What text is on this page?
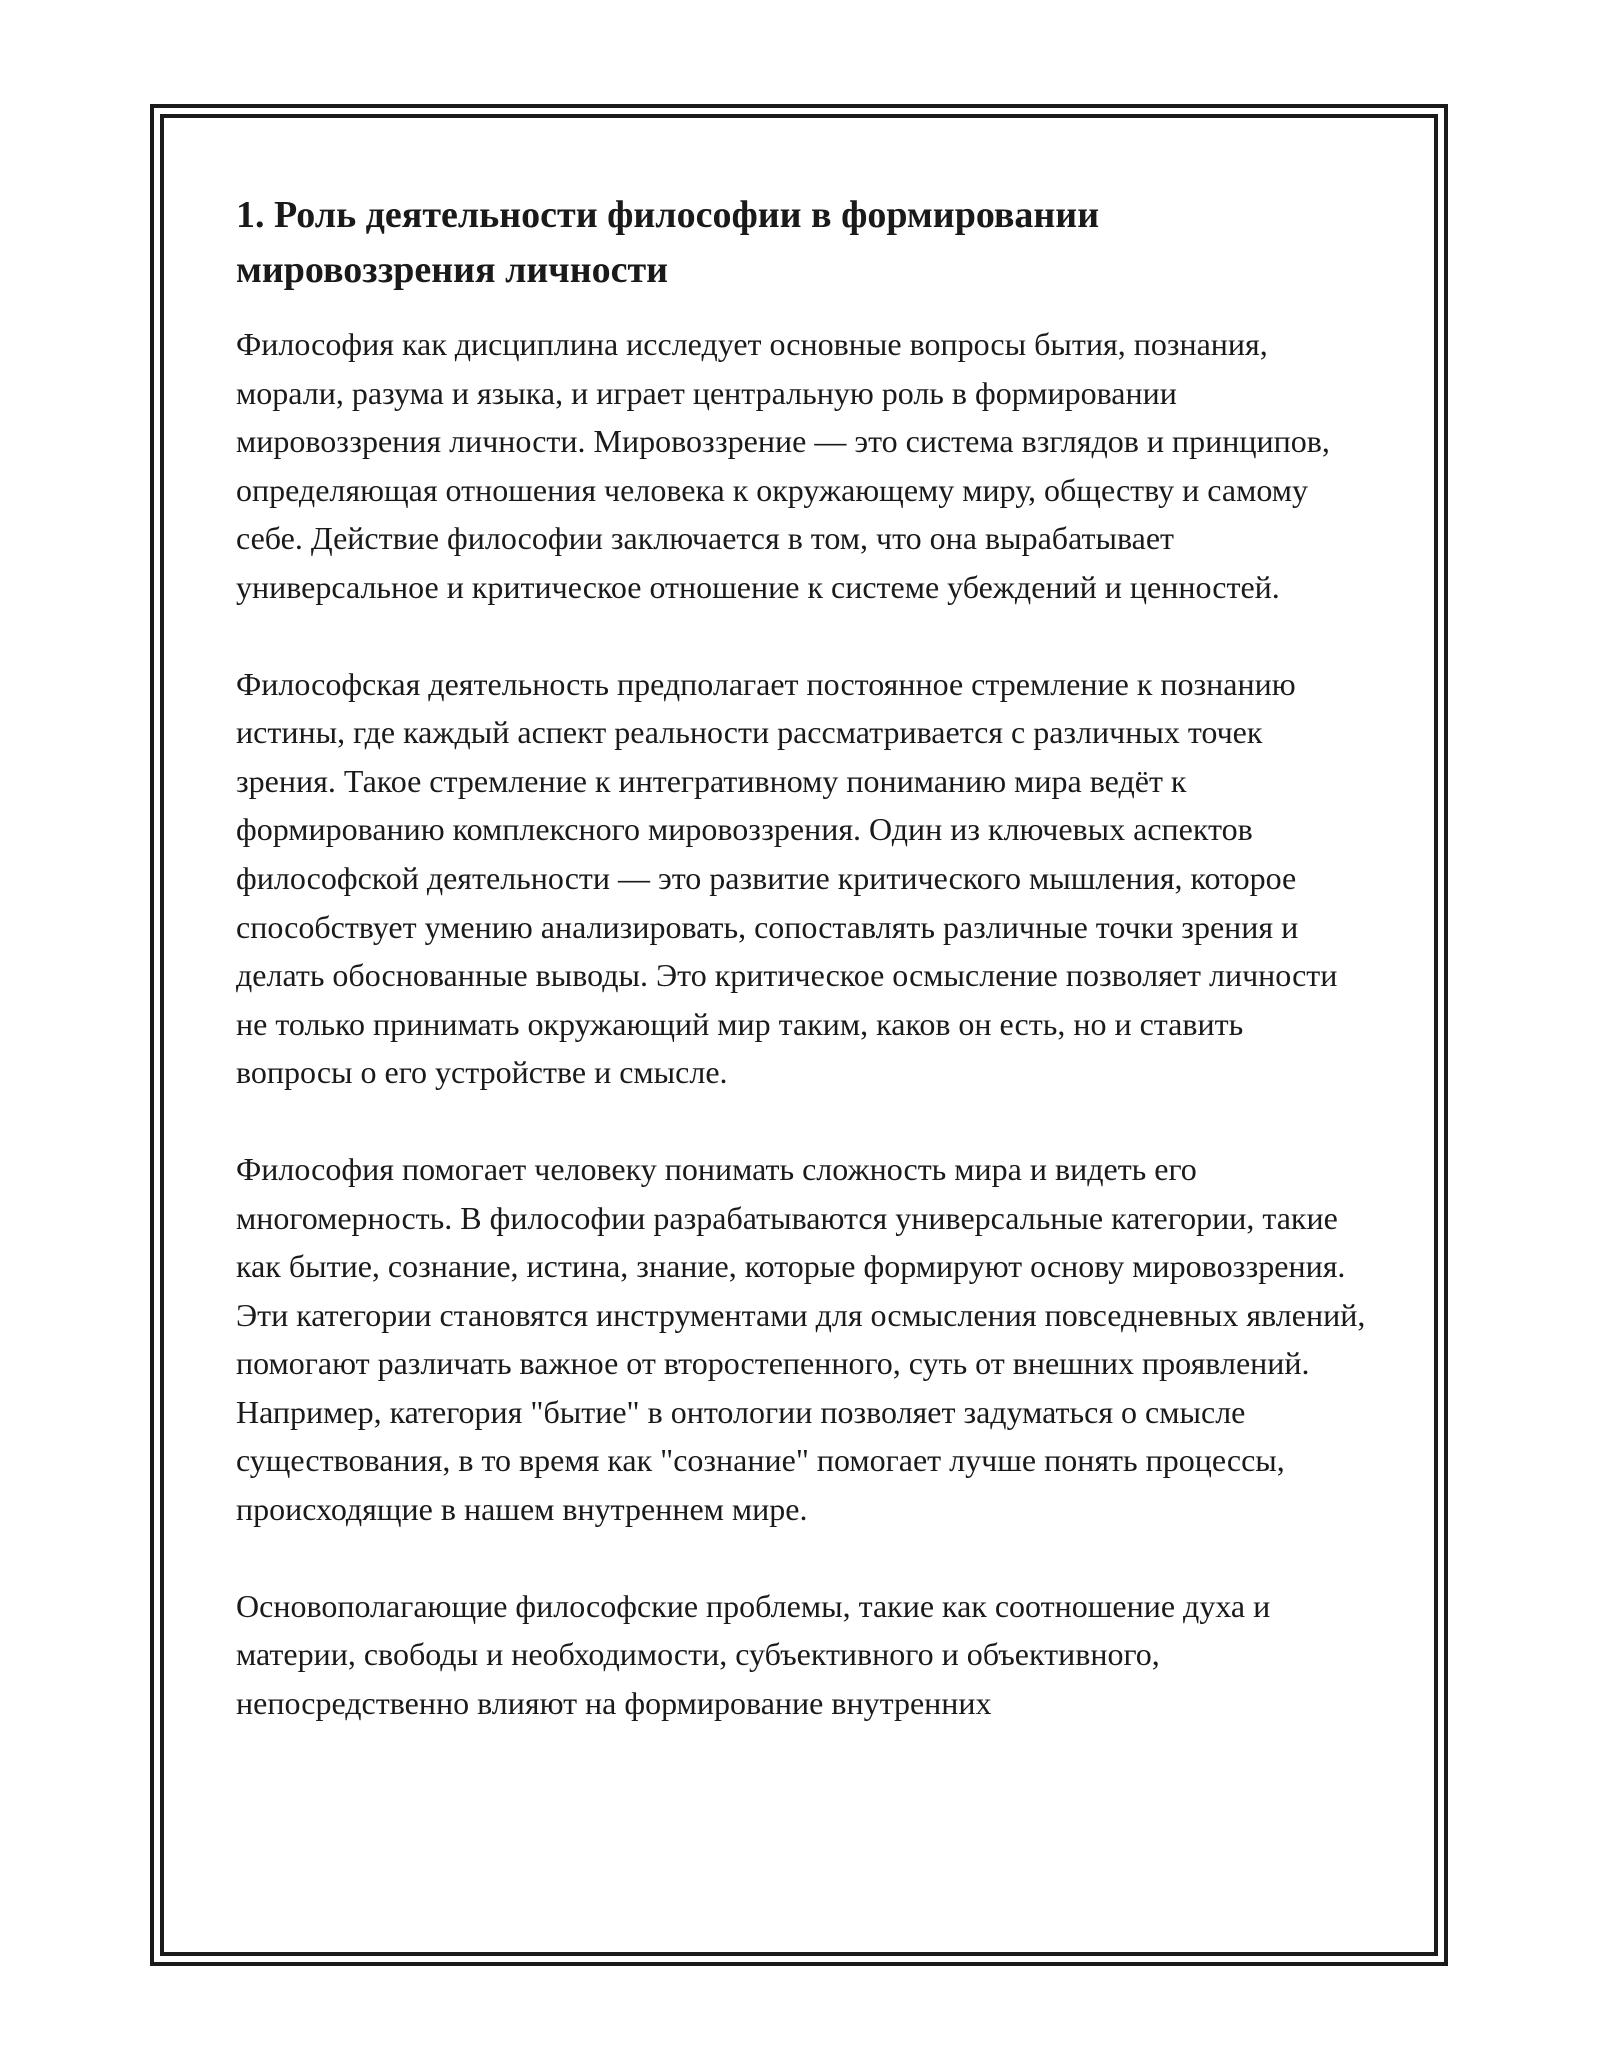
1. Роль деятельности философии в формировании мировоззрения личности

Философия как дисциплина исследует основные вопросы бытия, познания, морали, разума и языка, и играет центральную роль в формировании мировоззрения личности. Мировоззрение — это система взглядов и принципов, определяющая отношения человека к окружающему миру, обществу и самому себе. Действие философии заключается в том, что она вырабатывает универсальное и критическое отношение к системе убеждений и ценностей.

Философская деятельность предполагает постоянное стремление к познанию истины, где каждый аспект реальности рассматривается с различных точек зрения. Такое стремление к интегративному пониманию мира ведёт к формированию комплексного мировоззрения. Один из ключевых аспектов философской деятельности — это развитие критического мышления, которое способствует умению анализировать, сопоставлять различные точки зрения и делать обоснованные выводы. Это критическое осмысление позволяет личности не только принимать окружающий мир таким, каков он есть, но и ставить вопросы о его устройстве и смысле.

Философия помогает человеку понимать сложность мира и видеть его многомерность. В философии разрабатываются универсальные категории, такие как бытие, сознание, истина, знание, которые формируют основу мировоззрения. Эти категории становятся инструментами для осмысления повседневных явлений, помогают различать важное от второстепенного, суть от внешних проявлений. Например, категория "бытие" в онтологии позволяет задуматься о смысле существования, в то время как "сознание" помогает лучше понять процессы, происходящие в нашем внутреннем мире.

Основополагающие философские проблемы, такие как соотношение духа и материи, свободы и необходимости, субъективного и объективного, непосредственно влияют на формирование внутренних
